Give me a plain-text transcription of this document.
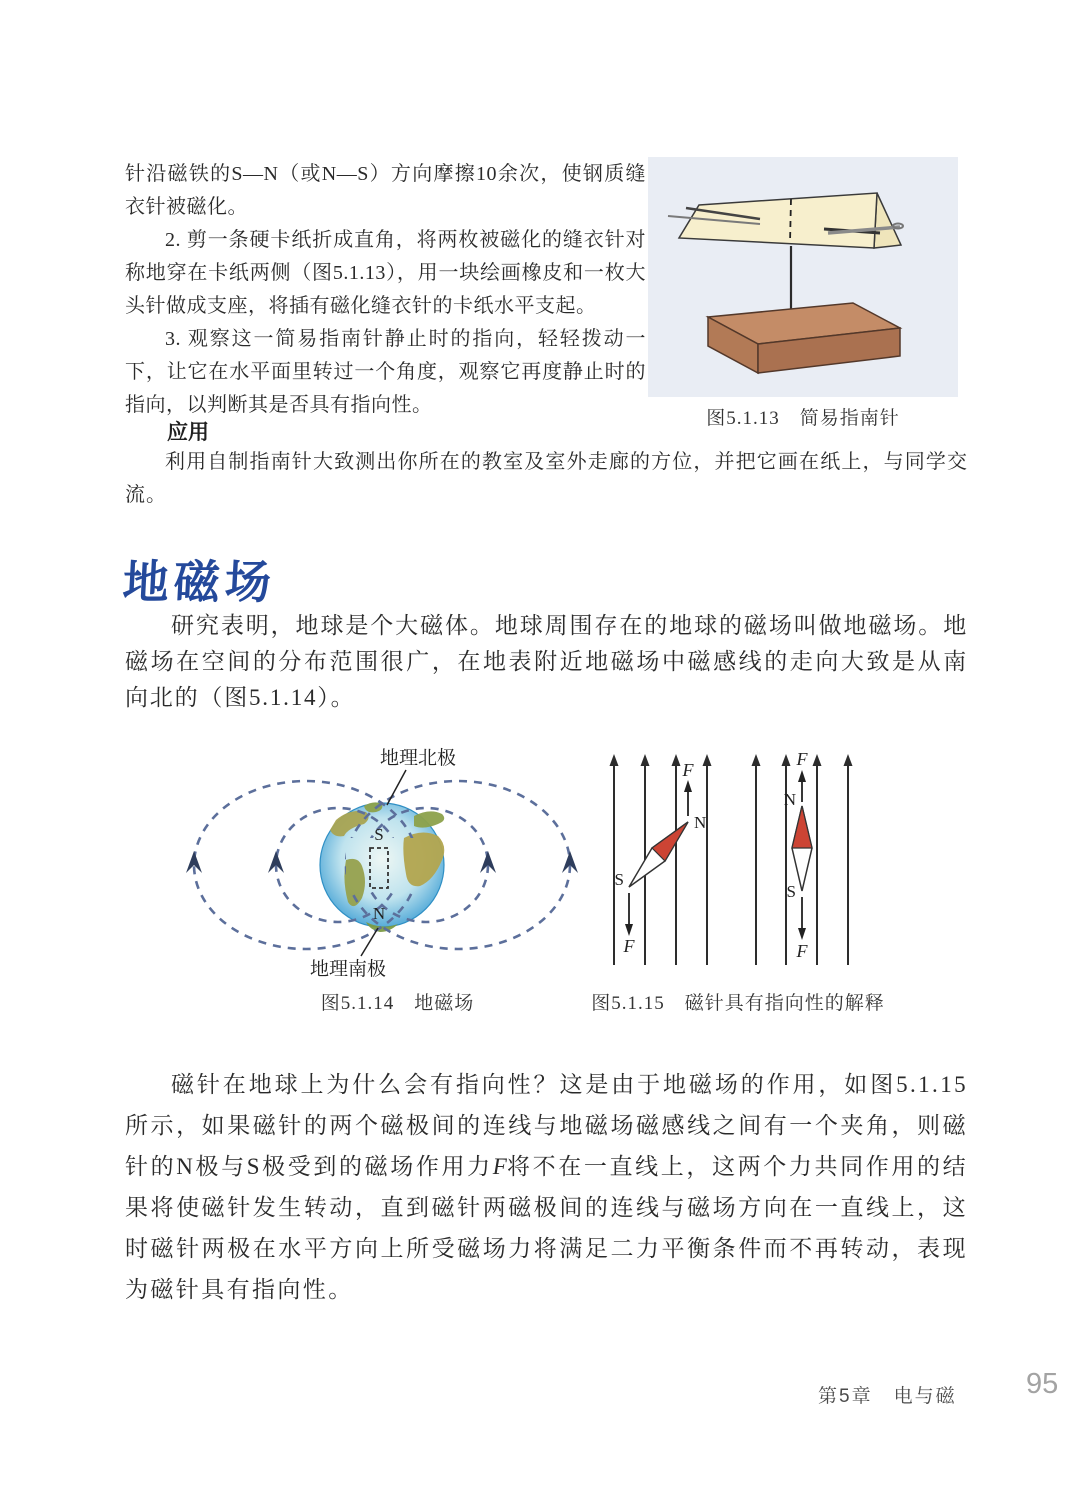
针沿磁铁的S—N（或N—S）方向摩擦10余次，使钢质缝衣针被磁化。

2. 剪一条硬卡纸折成直角，将两枚被磁化的缝衣针对称地穿在卡纸两侧（图5.1.13），用一块绘画橡皮和一枚大头针做成支座，将插有磁化缝衣针的卡纸水平支起。

3. 观察这一简易指南针静止时的指向，轻轻拨动一下，让它在水平面里转过一个角度，观察它再度静止时的指向，以判断其是否具有指向性。

图5.1.13　简易指南针
应用
利用自制指南针大致测出你所在的教室及室外走廊的方位，并把它画在纸上，与同学交流。
地磁场
研究表明，地球是个大磁体。地球周围存在的地球的磁场叫做地磁场。地磁场在空间的分布范围很广，在地表附近地磁场中磁感线的走向大致是从南向北的（图5.1.14）。
S
N
地理北极
地理南极
图5.1.14　地磁场
F
F
N
S
F
F
N
S
图5.1.15　磁针具有指向性的解释

磁针在地球上为什么会有指向性？这是由于地磁场的作用，如图5.1.15所示，如果磁针的两个磁极间的连线与地磁场磁感线之间有一个夹角，则磁针的N极与S极受到的磁场作用力F将不在一直线上，这两个力共同作用的结果将使磁针发生转动，直到磁针两磁极间的连线与磁场方向在一直线上，这时磁针两极在水平方向上所受磁场力将满足二力平衡条件而不再转动，表现为磁针具有指向性。

第5章　电与磁 95
